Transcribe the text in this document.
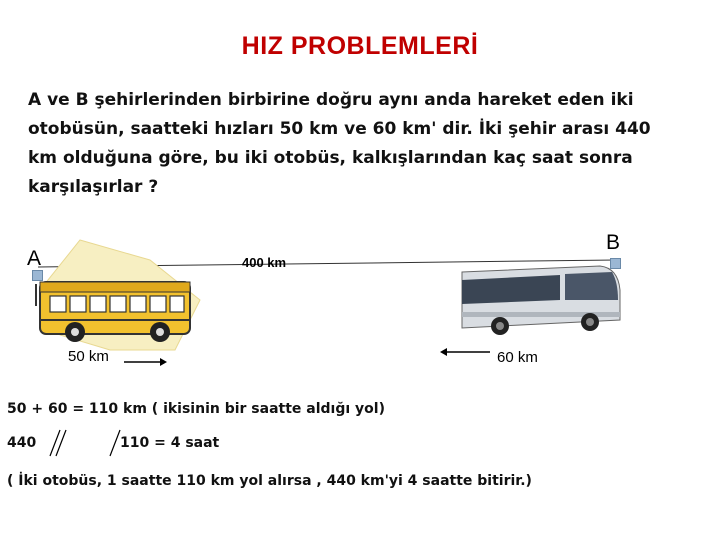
HIZ PROBLEMLERİ
A ve B şehirlerinden birbirine doğru aynı anda hareket eden iki
otobüsün, saatteki hızları 50 km ve 60 km' dir. İki şehir arası 440
km olduğuna göre, bu iki otobüs, kalkışlarından kaç saat sonra
karşılaşırlar ?
A
B
400 km
50 km	60 km
50 + 60 = 110 km ( ikisinin bir saatte aldığı yol)
440	110 = 4 saat
( İki otobüs, 1 saatte 110 km yol alırsa , 440 km'yi 4 saatte bitirir.)
